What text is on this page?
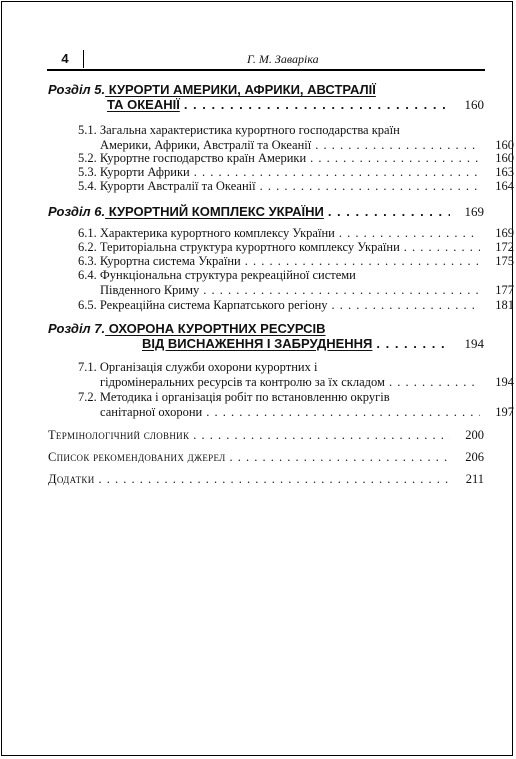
4	Г. М. Заваріка
Розділ 5. КУРОРТИ АМЕРИКИ, АФРИКИ, АВСТРАЛІЇ
ТА ОКЕАНІЇ . . .	160
5.1. Загальна характеристика курортного господарства країн
Америки, Африки, Австралії та Океанії . . .	160
5.2. Курортне господарство країн Америки . . .	160
5.3. Курорти Африки . . .	163
5.4. Курорти Австралії та Океанії . . .	164
Розділ 6. КУРОРТНИЙ КОМПЛЕКС УКРАЇНИ . . .	169
6.1. Характерика курортного комплексу України . . .	169
6.2. Територіальна структура курортного комплексу України . . .	172
6.3. Курортна система України . . .	175
6.4. Функціональна структура рекреаційної системи
Південного Криму . . .	177
6.5. Рекреаційна система Карпатського регіону . . .	181
Розділ 7. ОХОРОНА КУРОРТНИХ РЕСУРСІВ
ВІД ВИСНАЖЕННЯ І ЗАБРУДНЕННЯ . . .	194
7.1. Організація служби охорони курортних і
гідромінеральних ресурсів та контролю за їх складом . . .	194
7.2. Методика і організація робіт по встановленню округів
санітарної охорони . . .	197
Термінологічний словник . . .	200
Список рекомендованих джерел . . .	206
Додатки . . .	211
